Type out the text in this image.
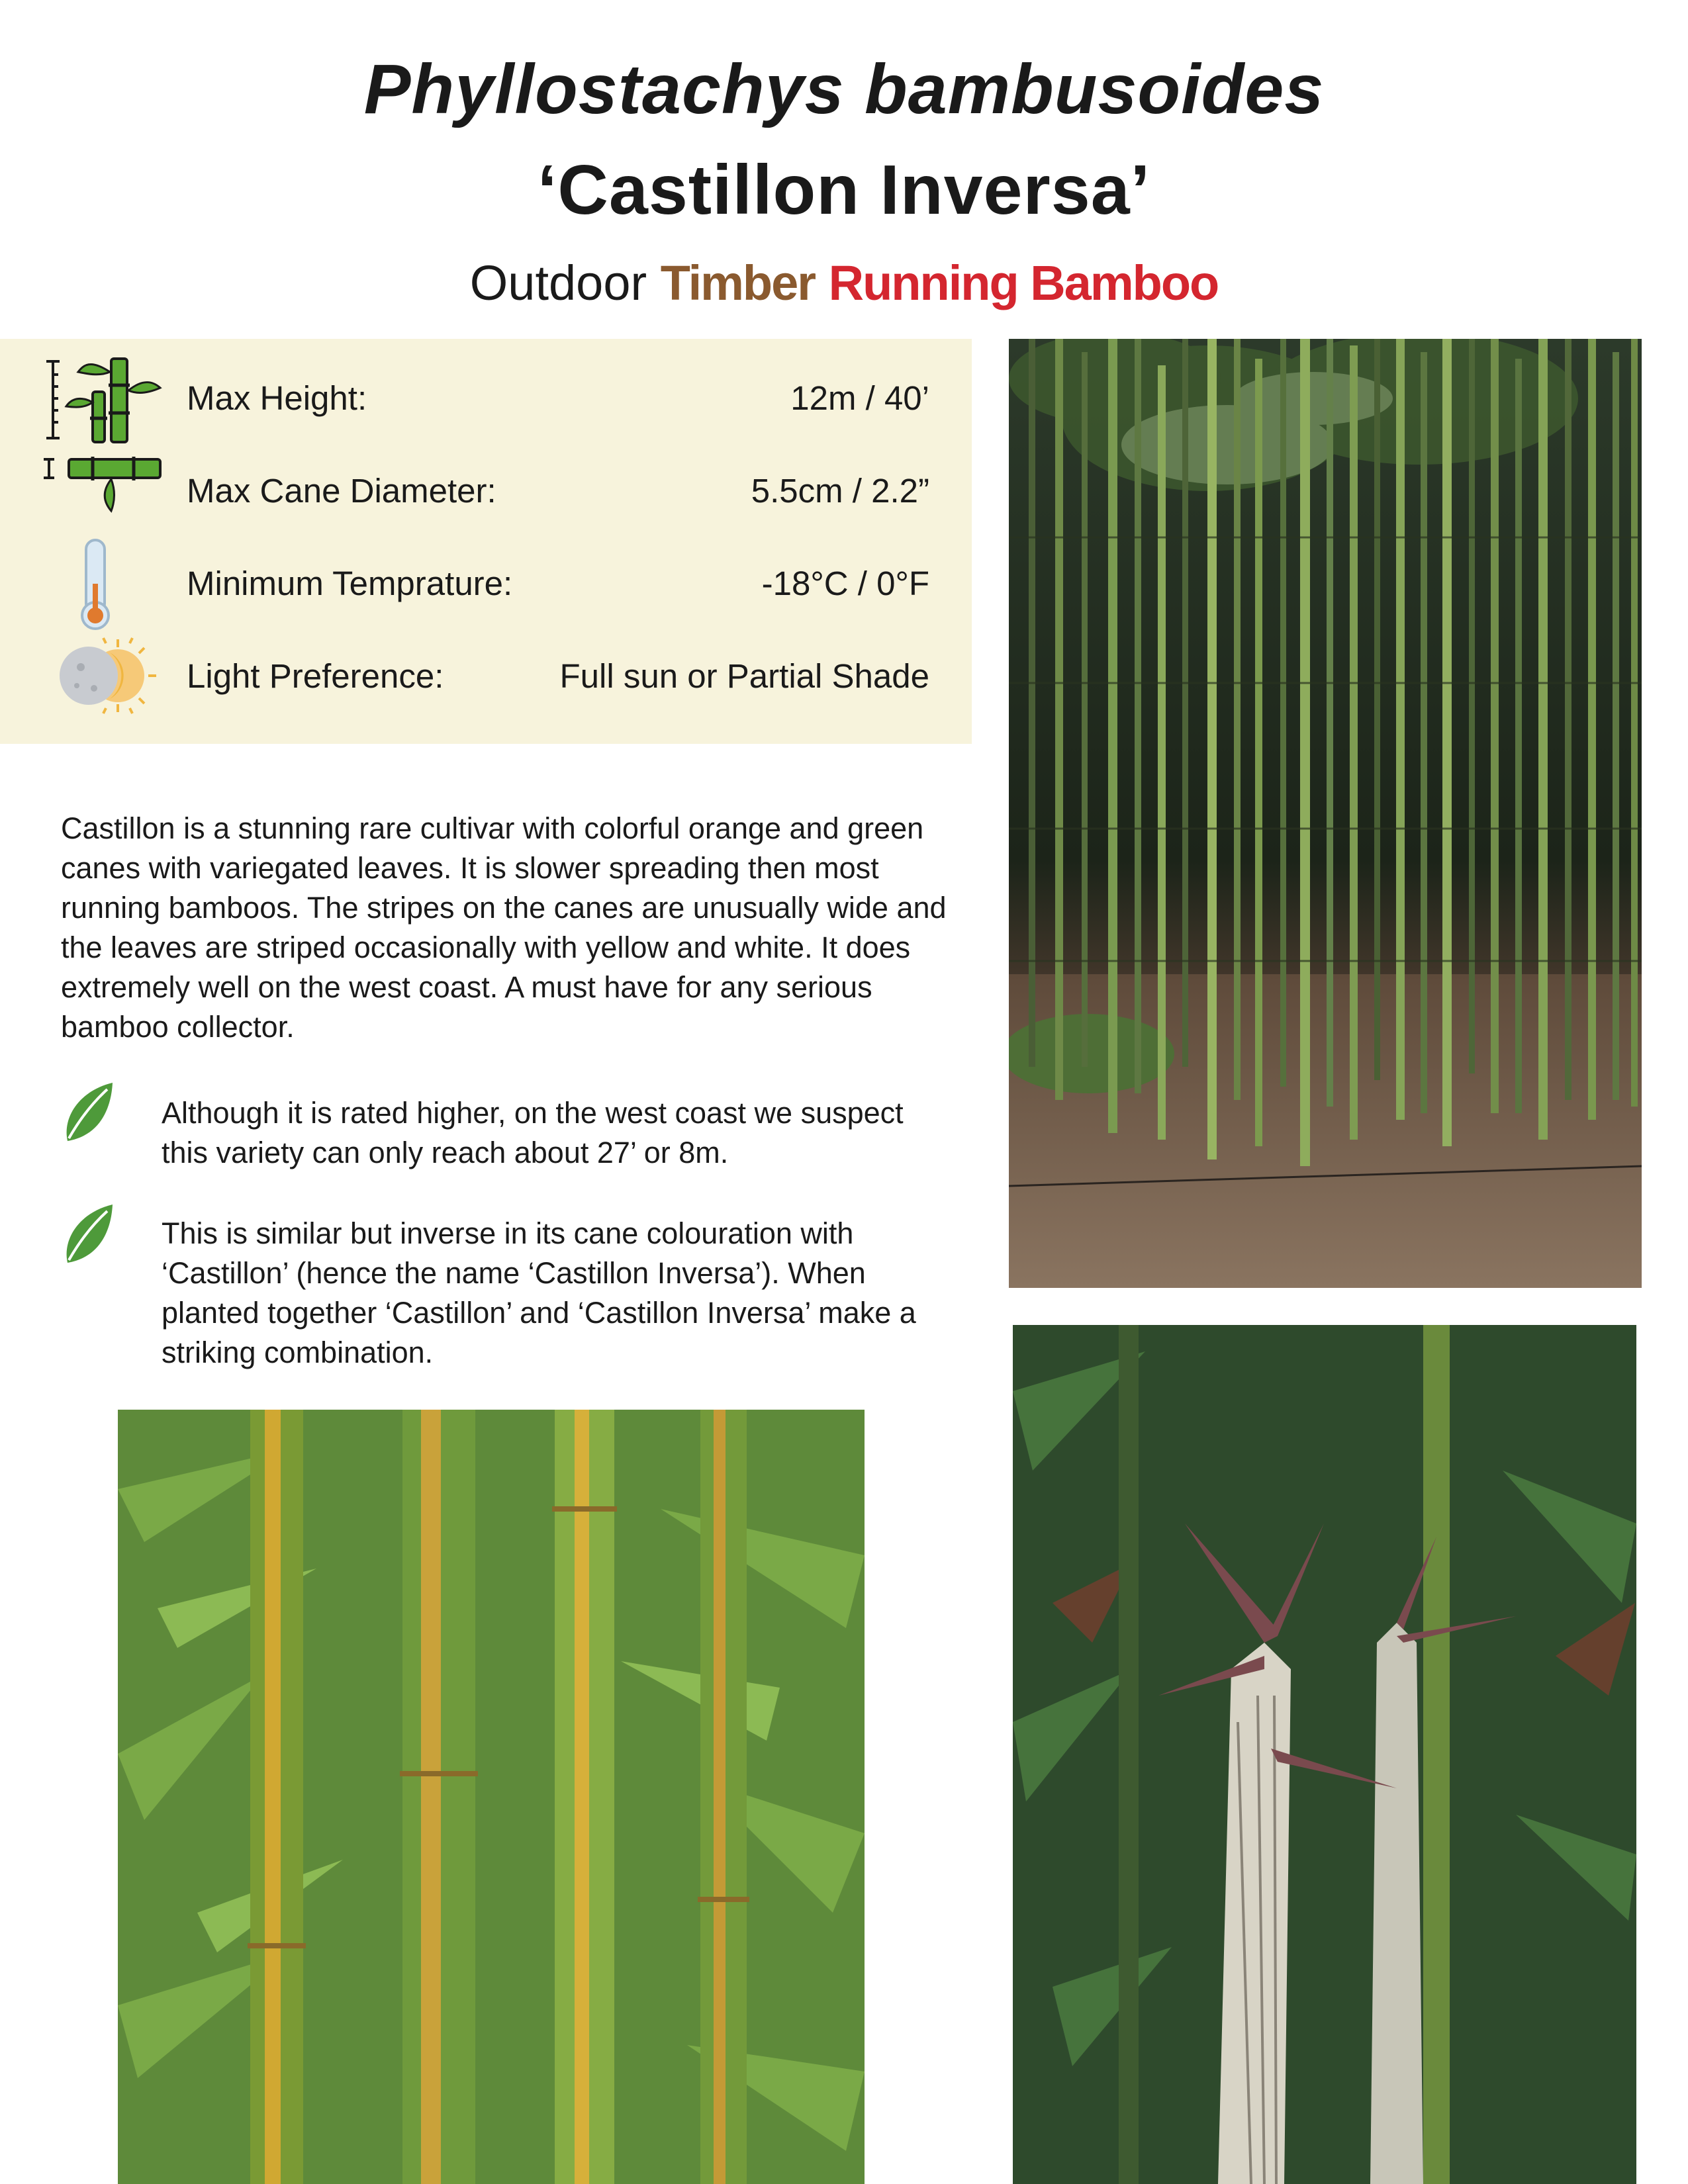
Phyllostachys bambusoides
‘Castillon Inversa’
Outdoor Timber Running Bamboo
Max Height:	12m / 40’
Max Cane Diameter:	5.5cm / 2.2”
Minimum Temprature:	-18°C / 0°F
Light Preference:	Full sun or Partial Shade
Castillon is a stunning rare cultivar with colorful orange and green canes with variegated leaves. It is slower spreading then most running bamboos. The stripes on the canes are unusually wide and the leaves are striped occasionally with yellow and white. It does extremely well on the west coast. A must have for any serious bamboo collector.
Although it is rated higher, on the west coast we suspect this variety can only reach about 27’ or 8m.
This is similar but inverse in its cane colouration with ‘Castillon’ (hence the name ‘Castillon Inversa’). When planted together ‘Castillon’ and ‘Castillon Inversa’ make a striking combination.
